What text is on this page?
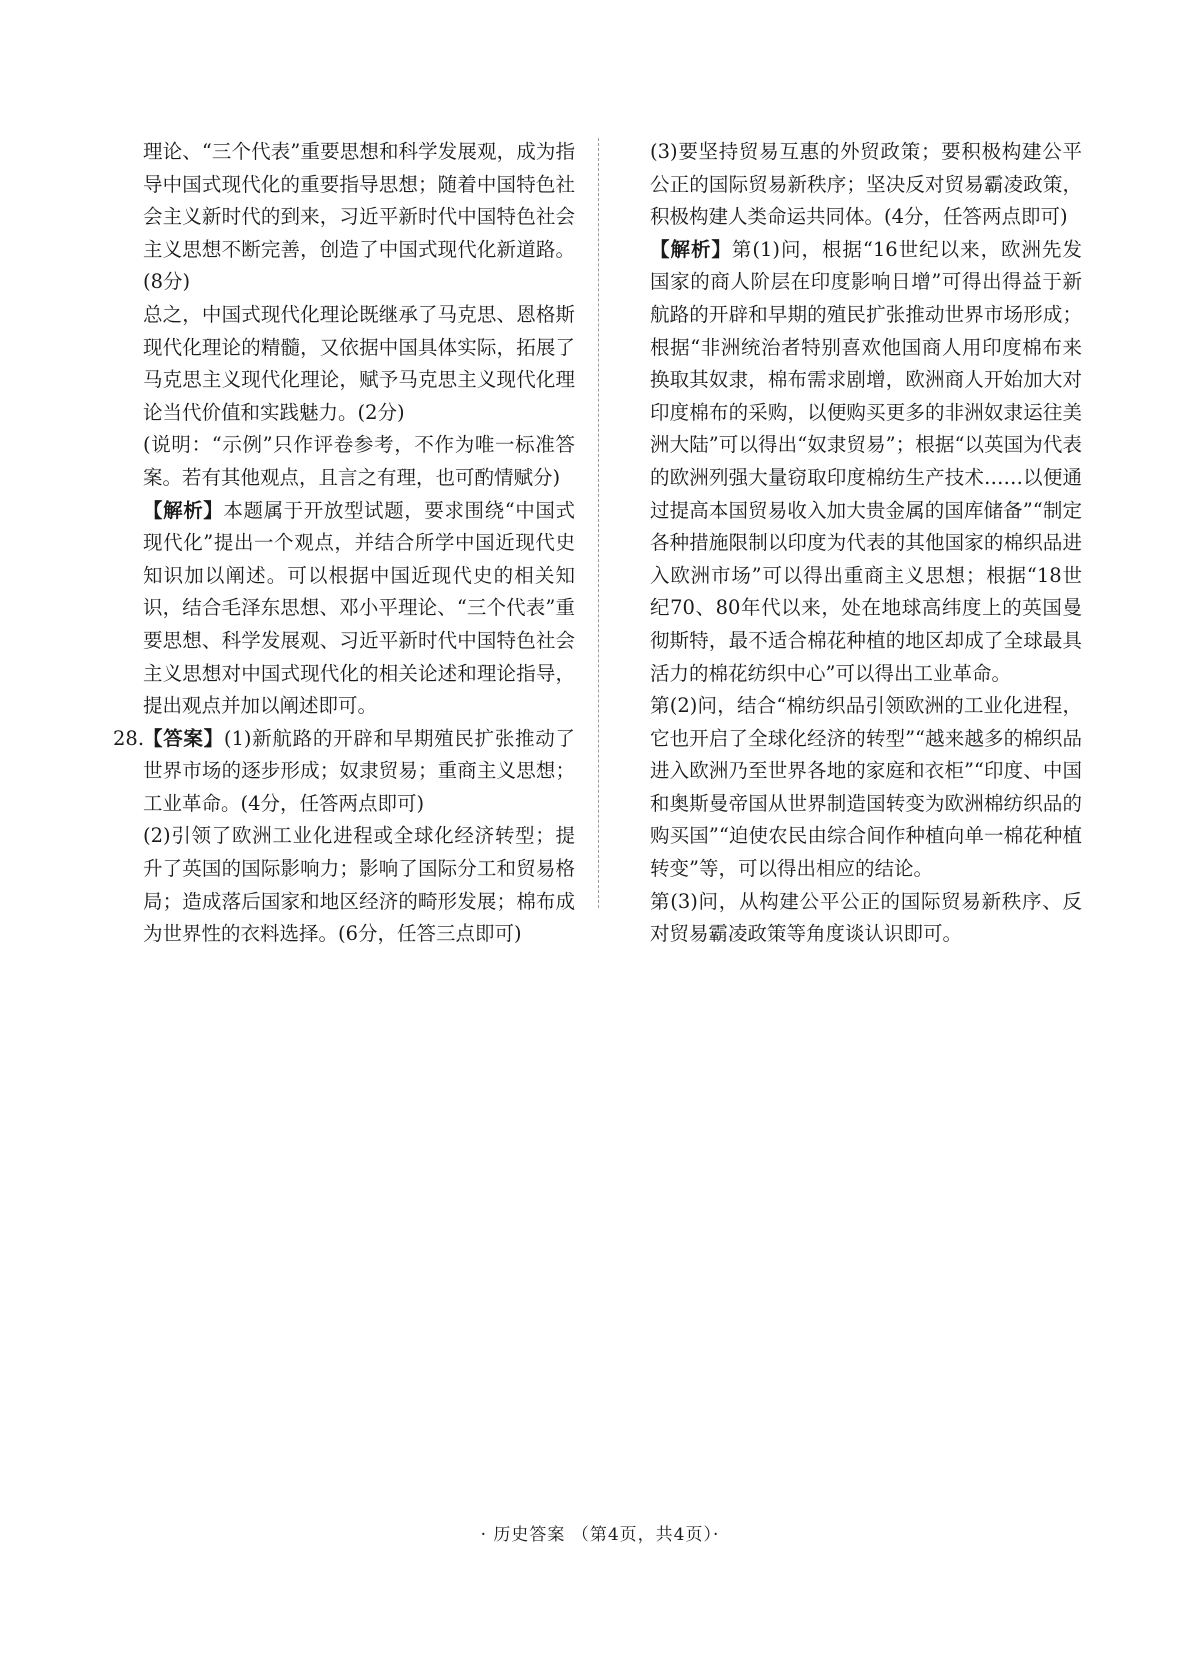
理论、“三个代表”重要思想和科学发展观，成为指导中国式现代化的重要指导思想；随着中国特色社会主义新时代的到来，习近平新时代中国特色社会主义思想不断完善，创造了中国式现代化新道路。(8分)

总之，中国式现代化理论既继承了马克思、恩格斯现代化理论的精髓，又依据中国具体实际，拓展了马克思主义现代化理论，赋予马克思主义现代化理论当代价值和实践魅力。(2分)

(说明：“示例”只作评卷参考，不作为唯一标准答案。若有其他观点，且言之有理，也可酌情赋分)

【解析】本题属于开放型试题，要求围绕“中国式现代化”提出一个观点，并结合所学中国近现代史知识加以阐述。可以根据中国近现代史的相关知识，结合毛泽东思想、邓小平理论、“三个代表”重要思想、科学发展观、习近平新时代中国特色社会主义思想对中国式现代化的相关论述和理论指导，提出观点并加以阐述即可。

28.

【答案】(1)新航路的开辟和早期殖民扩张推动了世界市场的逐步形成；奴隶贸易；重商主义思想；工业革命。(4分，任答两点即可)

(2)引领了欧洲工业化进程或全球化经济转型；提升了英国的国际影响力；影响了国际分工和贸易格局；造成落后国家和地区经济的畸形发展；棉布成为世界性的衣料选择。(6分，任答三点即可)

(3)要坚持贸易互惠的外贸政策；要积极构建公平公正的国际贸易新秩序；坚决反对贸易霸凌政策，积极构建人类命运共同体。(4分，任答两点即可)

【解析】第(1)问，根据“16世纪以来，欧洲先发国家的商人阶层在印度影响日增”可得出得益于新航路的开辟和早期的殖民扩张推动世界市场形成；根据“非洲统治者特别喜欢他国商人用印度棉布来换取其奴隶，棉布需求剧增，欧洲商人开始加大对印度棉布的采购，以便购买更多的非洲奴隶运往美洲大陆”可以得出“奴隶贸易”；根据“以英国为代表的欧洲列强大量窃取印度棉纺生产技术……以便通过提高本国贸易收入加大贵金属的国库储备”“制定各种措施限制以印度为代表的其他国家的棉织品进入欧洲市场”可以得出重商主义思想；根据“18世纪70、80年代以来，处在地球高纬度上的英国曼彻斯特，最不适合棉花种植的地区却成了全球最具活力的棉花纺织中心”可以得出工业革命。

第(2)问，结合“棉纺织品引领欧洲的工业化进程，它也开启了全球化经济的转型”“越来越多的棉织品进入欧洲乃至世界各地的家庭和衣柜”“印度、中国和奥斯曼帝国从世界制造国转变为欧洲棉纺织品的购买国”“迫使农民由综合间作种植向单一棉花种植转变”等，可以得出相应的结论。

第(3)问，从构建公平公正的国际贸易新秩序、反对贸易霸凌政策等角度谈认识即可。

· 历史答案 （第4页，共4页）·
